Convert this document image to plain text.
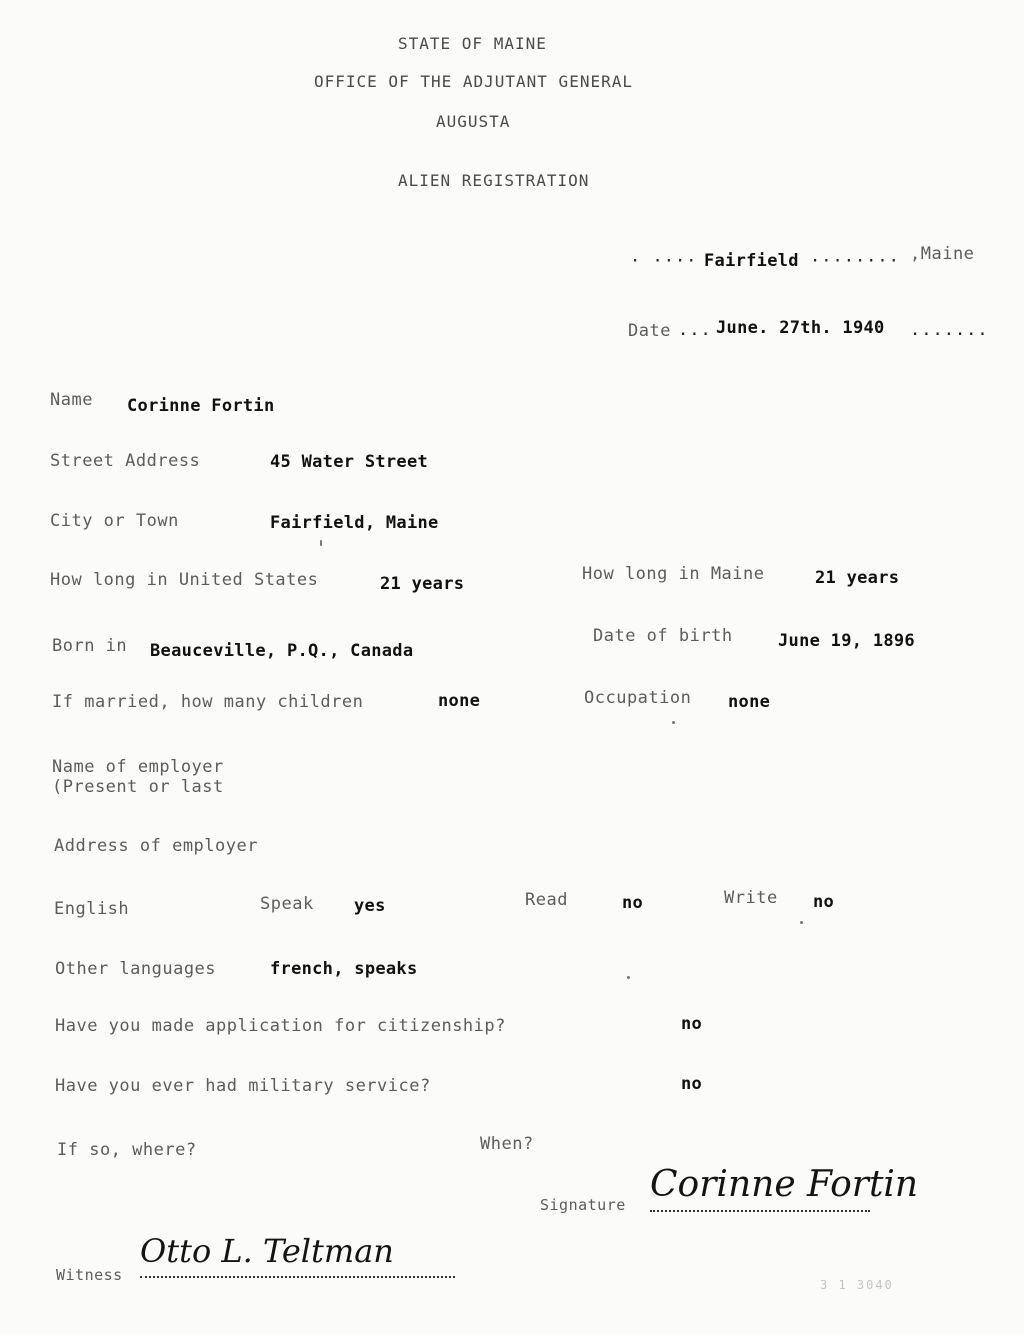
STATE OF MAINE
OFFICE OF THE ADJUTANT GENERAL
AUGUSTA
ALIEN REGISTRATION
· ···· Fairfield ········ ,Maine
Date ... June. 27th. 1940 .......
Name Corinne Fortin
Street Address	45 Water Street
City or Town	Fairfield, Maine
How long in United States	21 years	How long in Maine	21 years
Born in Beauceville, P.Q., Canada
Date of birth	June 19, 1896
If married, how many children	none	Occupation none
Name of employer
(Present or last
Address of employer
English	Speak yes	Read	no	Write no
Other languages	french, speaks
Have you made application for citizenship?	no
Have you ever had military service?	no
If so, where?	When?
Signature Corinne Fortin
Witness
Otto L. Teltman
3 1 3040
